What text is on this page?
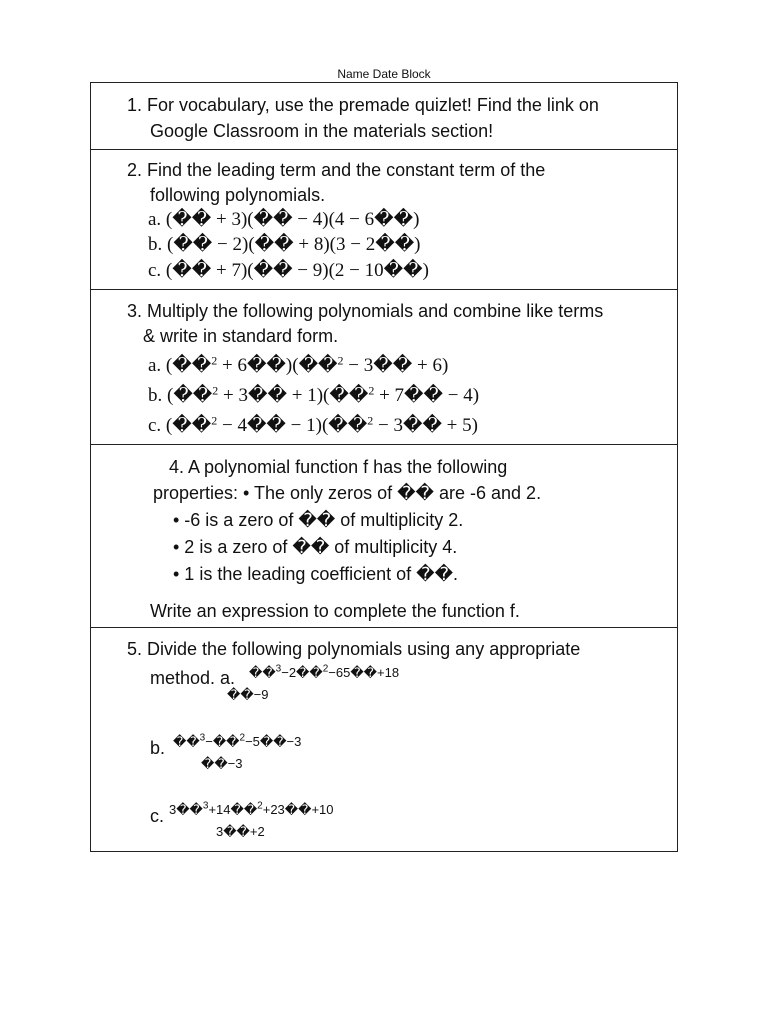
Name Date Block
1. For vocabulary, use the premade quizlet! Find the link on
Google Classroom in the materials section!
2. Find the leading term and the constant term of the
following polynomials.
a. (�� + 3)(�� − 4)(4 − 6��)
b. (�� − 2)(�� + 8)(3 − 2��)
c. (�� + 7)(�� − 9)(2 − 10��)
3. Multiply the following polynomials and combine like terms
& write in standard form.
a. (��$^2$ + 6��)(��$^2$ − 3�� + 6)
b. (��$^2$ + 3�� + 1)(��$^2$ + 7�� − 4)
c. (��$^2$ − 4�� − 1)(��$^2$ − 3�� + 5)
4. A polynomial function f has the following
properties: • The only zeros of �� are -6 and 2.
• -6 is a zero of �� of multiplicity 2.
• 2 is a zero of �� of multiplicity 4.
• 1 is the leading coefficient of ��.
Write an expression to complete the function f.
5. Divide the following polynomials using any appropriate
method. a. ��$^3$−2��$^2$−65��+18
��−9
b. ��$^3$−��$^2$−5��−3
��−3
c. 3��$^3$+14��$^2$+23��+10
3��+2
